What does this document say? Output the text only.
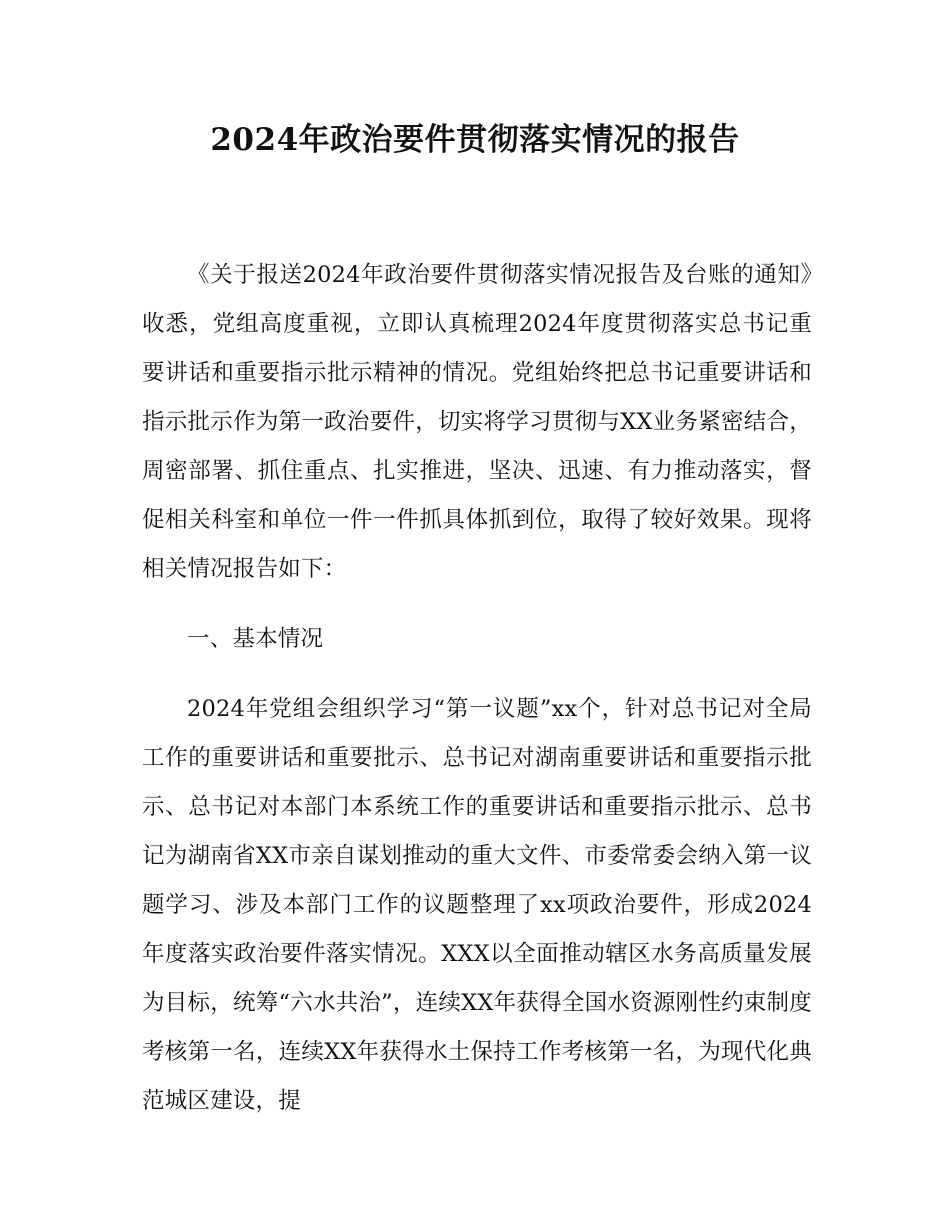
2024年政治要件贯彻落实情况的报告

《关于报送2024年政治要件贯彻落实情况报告及台账的通知》收悉，党组高度重视，立即认真梳理2024年度贯彻落实总书记重要讲话和重要指示批示精神的情况。党组始终把总书记重要讲话和指示批示作为第一政治要件，切实将学习贯彻与XX业务紧密结合，周密部署、抓住重点、扎实推进，坚决、迅速、有力推动落实，督促相关科室和单位一件一件抓具体抓到位，取得了较好效果。现将相关情况报告如下：

一、基本情况

2024年党组会组织学习“第一议题”xx个，针对总书记对全局工作的重要讲话和重要批示、总书记对湖南重要讲话和重要指示批示、总书记对本部门本系统工作的重要讲话和重要指示批示、总书记为湖南省XX市亲自谋划推动的重大文件、市委常委会纳入第一议题学习、涉及本部门工作的议题整理了xx项政治要件，形成2024年度落实政治要件落实情况。XXX以全面推动辖区水务高质量发展为目标，统筹“六水共治”，连续XX年获得全国水资源刚性约束制度考核第一名，连续XX年获得水土保持工作考核第一名，为现代化典范城区建设，提
